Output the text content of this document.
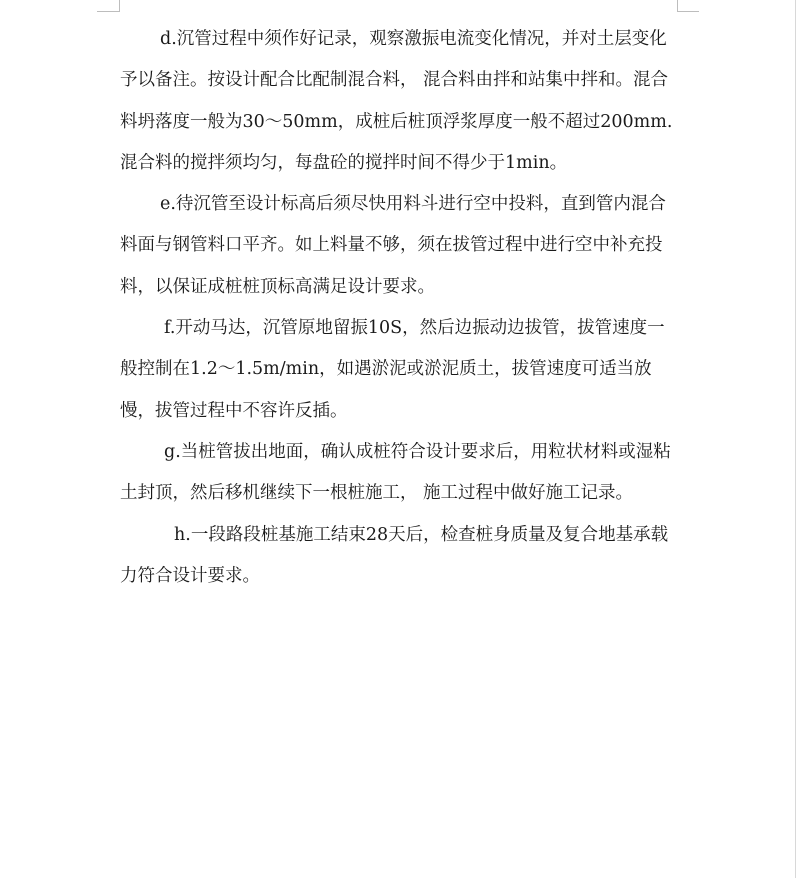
d.沉管过程中须作好记录，观察激振电流变化情况，并对土层变化予以备注。按设计配合比配制混合料， 混合料由拌和站集中拌和。混合料坍落度一般为30～50mm，成桩后桩顶浮浆厚度一般不超过200mm.混合料的搅拌须均匀，每盘砼的搅拌时间不得少于1min。

e.待沉管至设计标高后须尽快用料斗进行空中投料，直到管内混合料面与钢管料口平齐。如上料量不够，须在拔管过程中进行空中补充投料，以保证成桩桩顶标高满足设计要求。

f.开动马达，沉管原地留振10S，然后边振动边拔管，拔管速度一般控制在1.2～1.5m/min，如遇淤泥或淤泥质土，拔管速度可适当放慢，拔管过程中不容许反插。

g.当桩管拔出地面，确认成桩符合设计要求后，用粒状材料或湿粘土封顶，然后移机继续下一根桩施工， 施工过程中做好施工记录。

h.一段路段桩基施工结束28天后，检查桩身质量及复合地基承载力符合设计要求。
